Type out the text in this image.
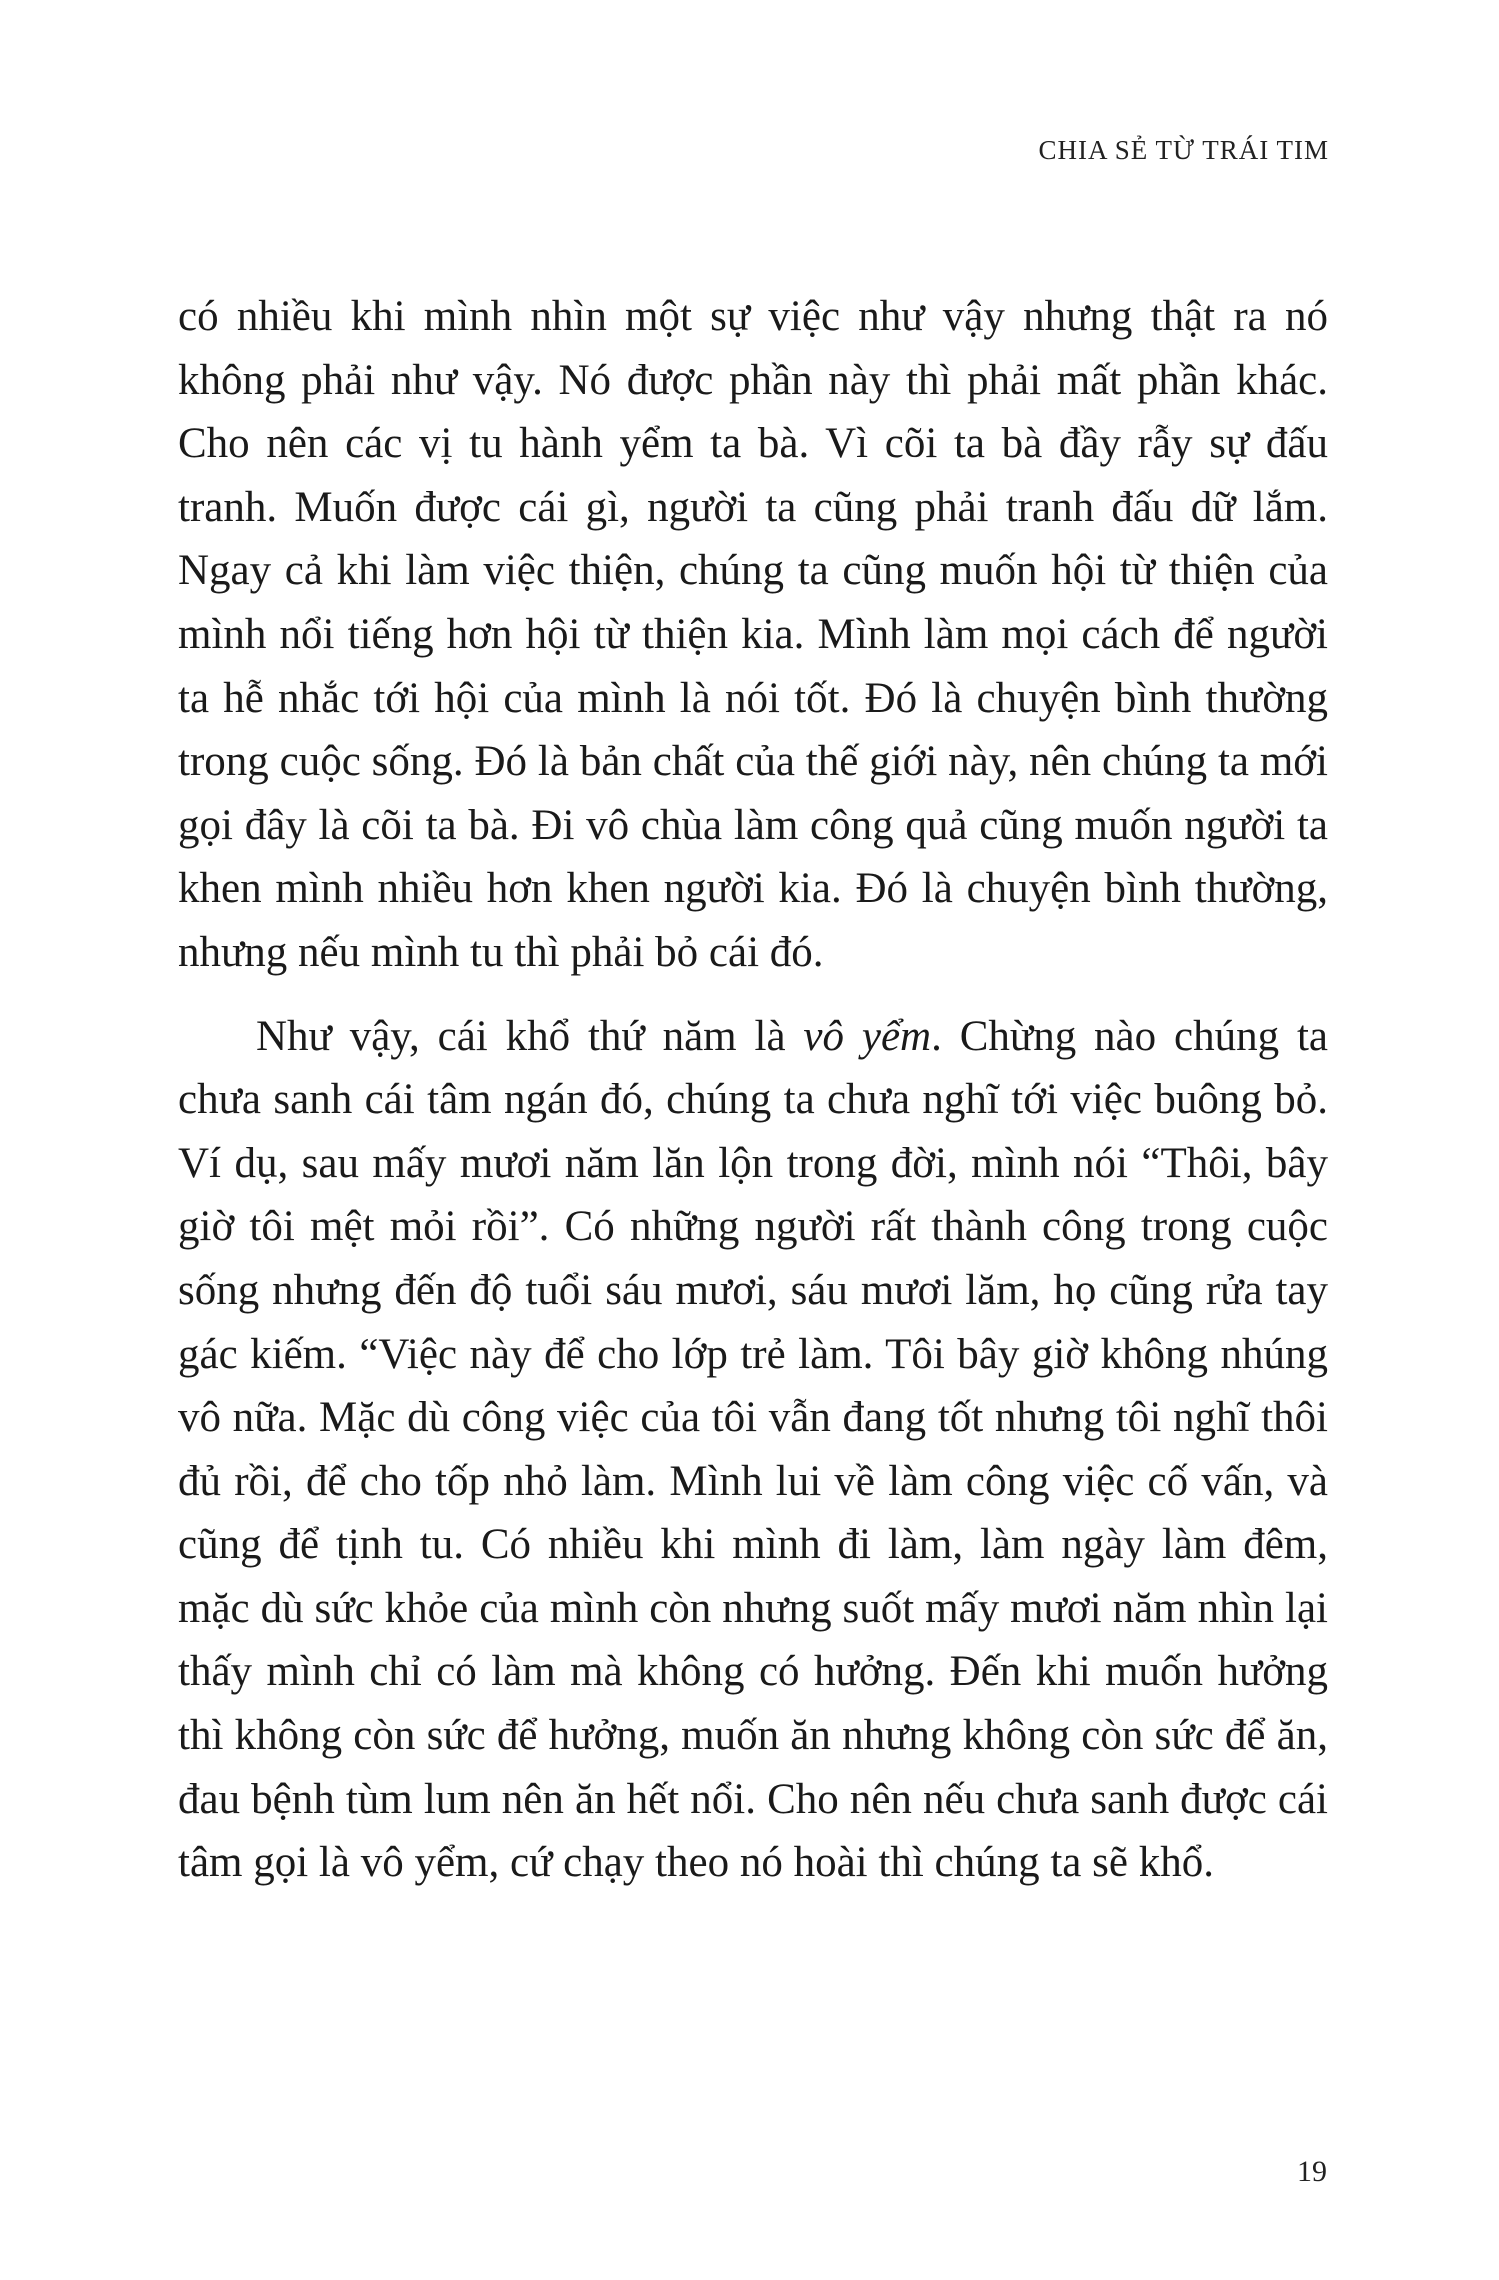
CHIA SẺ TỪ TRÁI TIM

có nhiều khi mình nhìn một sự việc như vậy nhưng thật ra nó không phải như vậy. Nó được phần này thì phải mất phần khác. Cho nên các vị tu hành yểm ta bà. Vì cõi ta bà đầy rẫy sự đấu tranh. Muốn được cái gì, người ta cũng phải tranh đấu dữ lắm. Ngay cả khi làm việc thiện, chúng ta cũng muốn hội từ thiện của mình nổi tiếng hơn hội từ thiện kia. Mình làm mọi cách để người ta hễ nhắc tới hội của mình là nói tốt. Đó là chuyện bình thường trong cuộc sống. Đó là bản chất của thế giới này, nên chúng ta mới gọi đây là cõi ta bà. Đi vô chùa làm công quả cũng muốn người ta khen mình nhiều hơn khen người kia. Đó là chuyện bình thường, nhưng nếu mình tu thì phải bỏ cái đó.

Như vậy, cái khổ thứ năm là vô yểm. Chừng nào chúng ta chưa sanh cái tâm ngán đó, chúng ta chưa nghĩ tới việc buông bỏ. Ví dụ, sau mấy mươi năm lăn lộn trong đời, mình nói “Thôi, bây giờ tôi mệt mỏi rồi”. Có những người rất thành công trong cuộc sống nhưng đến độ tuổi sáu mươi, sáu mươi lăm, họ cũng rửa tay gác kiếm. “Việc này để cho lớp trẻ làm. Tôi bây giờ không nhúng vô nữa. Mặc dù công việc của tôi vẫn đang tốt nhưng tôi nghĩ thôi đủ rồi, để cho tốp nhỏ làm. Mình lui về làm công việc cố vấn, và cũng để tịnh tu. Có nhiều khi mình đi làm, làm ngày làm đêm, mặc dù sức khỏe của mình còn nhưng suốt mấy mươi năm nhìn lại thấy mình chỉ có làm mà không có hưởng. Đến khi muốn hưởng thì không còn sức để hưởng, muốn ăn nhưng không còn sức để ăn, đau bệnh tùm lum nên ăn hết nổi. Cho nên nếu chưa sanh được cái tâm gọi là vô yểm, cứ chạy theo nó hoài thì chúng ta sẽ khổ.

19
